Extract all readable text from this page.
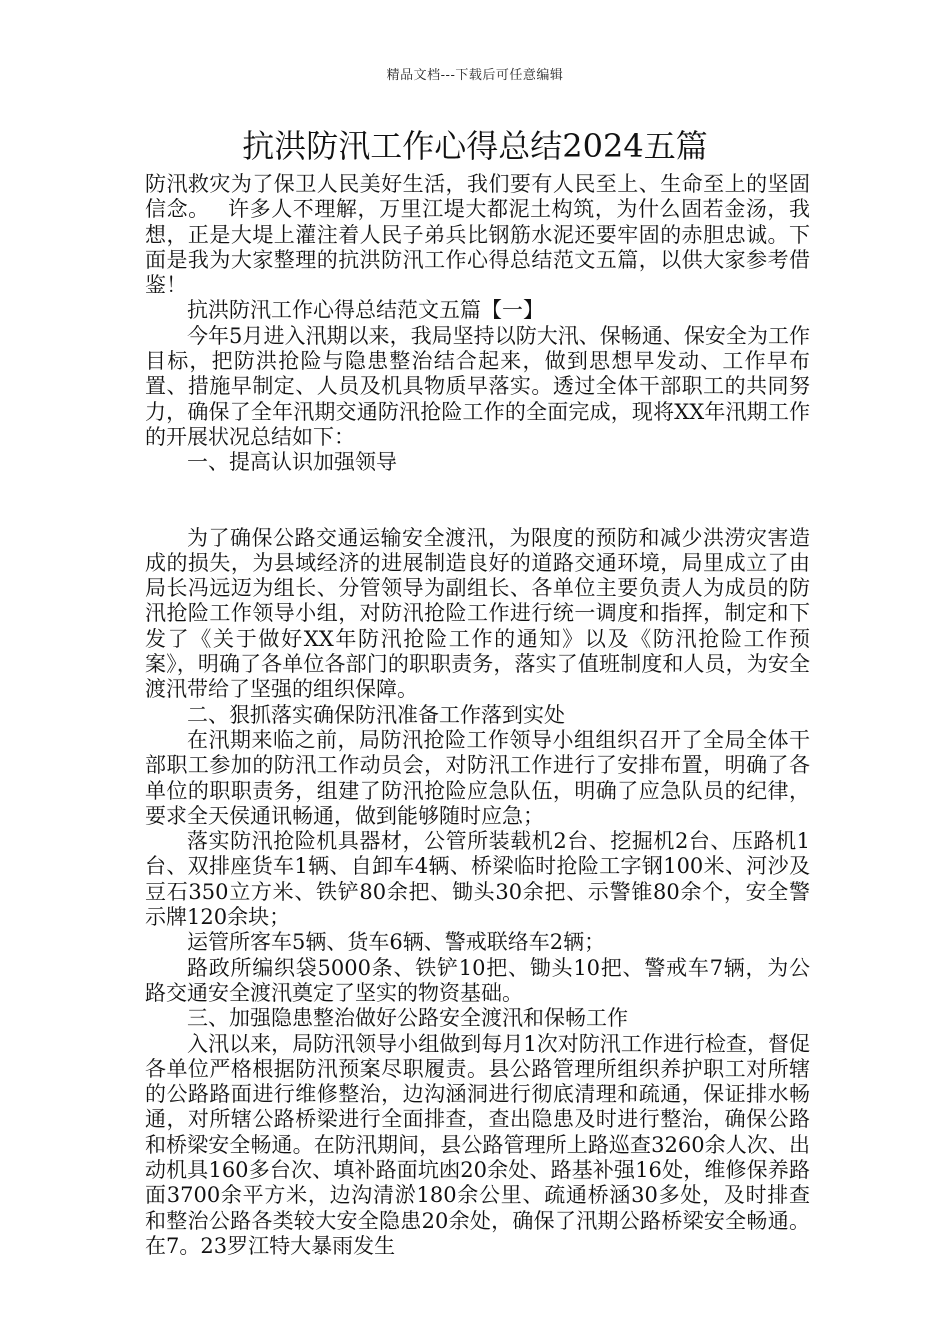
精品文档---下载后可任意编辑
抗洪防汛工作心得总结2024五篇

防汛救灾为了保卫人民美好生活，我们要有人民至上、生命至上的坚固信念。　 许多人不理解，万里江堤大都泥土构筑，为什么固若金汤，我想，正是大堤上灌注着人民子弟兵比钢筋水泥还要牢固的赤胆忠诚。下面是我为大家整理的抗洪防汛工作心得总结范文五篇，以供大家参考借鉴！

抗洪防汛工作心得总结范文五篇【一】

今年5月进入汛期以来，我局坚持以防大汛、保畅通、保安全为工作目标，把防洪抢险与隐患整治结合起来，做到思想早发动、工作早布置、措施早制定、人员及机具物质早落实。透过全体干部职工的共同努力，确保了全年汛期交通防汛抢险工作的全面完成，现将XX年汛期工作的开展状况总结如下：

一、提高认识加强领导

为了确保公路交通运输安全渡汛，为限度的预防和减少洪涝灾害造成的损失，为县域经济的进展制造良好的道路交通环境，局里成立了由局长冯远迈为组长、分管领导为副组长、各单位主要负责人为成员的防汛抢险工作领导小组，对防汛抢险工作进行统一调度和指挥，制定和下发了《关于做好XX年防汛抢险工作的通知》以及《防汛抢险工作预案》，明确了各单位各部门的职职责务，落实了值班制度和人员，为安全渡汛带给了坚强的组织保障。

二、狠抓落实确保防汛准备工作落到实处

在汛期来临之前，局防汛抢险工作领导小组组织召开了全局全体干部职工参加的防汛工作动员会，对防汛工作进行了安排布置，明确了各单位的职职责务，组建了防汛抢险应急队伍，明确了应急队员的纪律，要求全天侯通讯畅通，做到能够随时应急；

落实防汛抢险机具器材，公管所装载机2台、挖掘机2台、压路机1台、双排座货车1辆、自卸车4辆、桥梁临时抢险工字钢100米、河沙及豆石350立方米、铁铲80余把、锄头30余把、示警锥80余个，安全警示牌120余块；

运管所客车5辆、货车6辆、警戒联络车2辆；

路政所编织袋5000条、铁铲10把、锄头10把、警戒车7辆，为公路交通安全渡汛奠定了坚实的物资基础。

三、加强隐患整治做好公路安全渡汛和保畅工作

入汛以来，局防汛领导小组做到每月1次对防汛工作进行检查，督促各单位严格根据防汛预案尽职履责。县公路管理所组织养护职工对所辖的公路路面进行维修整治，边沟涵洞进行彻底清理和疏通，保证排水畅通，对所辖公路桥梁进行全面排查，查出隐患及时进行整治，确保公路和桥梁安全畅通。在防汛期间，县公路管理所上路巡查3260余人次、出动机具160多台次、填补路面坑凼20余处、路基补强16处，维修保养路面3700余平方米，边沟清淤180余公里、疏通桥涵30多处，及时排查和整治公路各类较大安全隐患20余处，确保了汛期公路桥梁安全畅通。在7。23罗江特大暴雨发生
